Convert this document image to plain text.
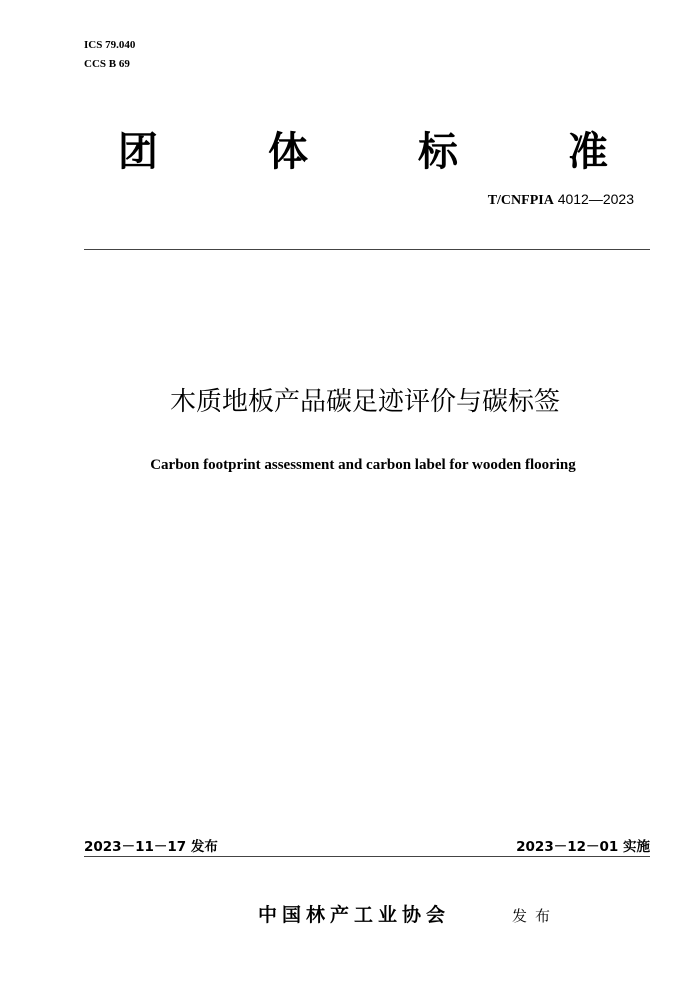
ICS 79.040
CCS B 69
团	体	标	准
T/CNFPIA 4012—2023
木质地板产品碳足迹评价与碳标签
Carbon footprint assessment and carbon label for wooden flooring
2023－11－17 发布	2023－12－01 实施
中国林产工业协会	发布
